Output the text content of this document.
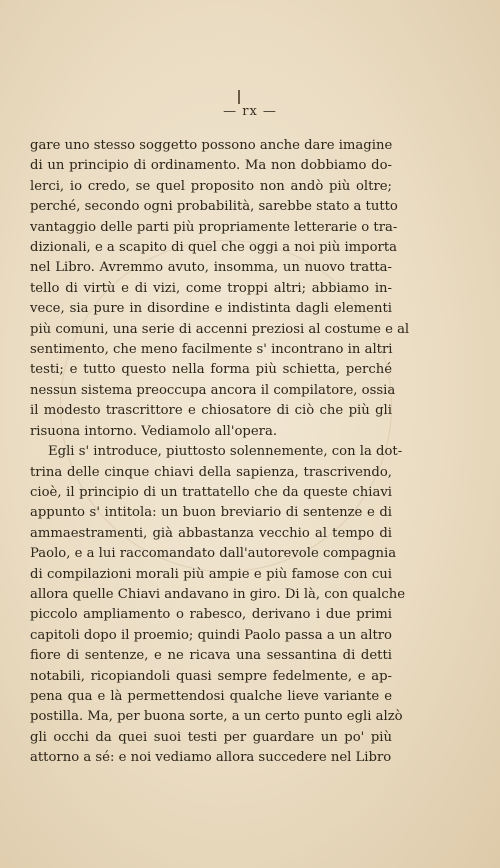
— rx —
gare uno stesso soggetto possono anche dare imagine
di un principio di ordinamento. Ma non dobbiamo do-
lerci, io credo, se quel proposito non andò più oltre;
perché, secondo ogni probabilità, sarebbe stato a tutto
vantaggio delle parti più propriamente letterarie o tra-
dizionali, e a scapito di quel che oggi a noi più importa
nel Libro. Avremmo avuto, insomma, un nuovo tratta-
tello di virtù e di vizi, come troppi altri; abbiamo in-
vece, sia pure in disordine e indistinta dagli elementi
più comuni, una serie di accenni preziosi al costume e al
sentimento, che meno facilmente s' incontrano in altri
testi; e tutto questo nella forma più schietta, perché
nessun sistema preoccupa ancora il compilatore, ossia
il modesto trascrittore e chiosatore di ciò che più gli
risuona intorno. Vediamolo all'opera.
Egli s' introduce, piuttosto solennemente, con la dot-
trina delle cinque chiavi della sapienza, trascrivendo,
cioè, il principio di un trattatello che da queste chiavi
appunto s' intitola: un buon breviario di sentenze e di
ammaestramenti, già abbastanza vecchio al tempo di
Paolo, e a lui raccomandato dall'autorevole compagnia
di compilazioni morali più ampie e più famose con cui
allora quelle Chiavi andavano in giro. Di là, con qualche
piccolo ampliamento o rabesco, derivano i due primi
capitoli dopo il proemio; quindi Paolo passa a un altro
fiore di sentenze, e ne ricava una sessantina di detti
notabili, ricopiandoli quasi sempre fedelmente, e ap-
pena qua e là permettendosi qualche lieve variante e
postilla. Ma, per buona sorte, a un certo punto egli alzò
gli occhi da quei suoi testi per guardare un po' più
attorno a sé: e noi vediamo allora succedere nel Libro
